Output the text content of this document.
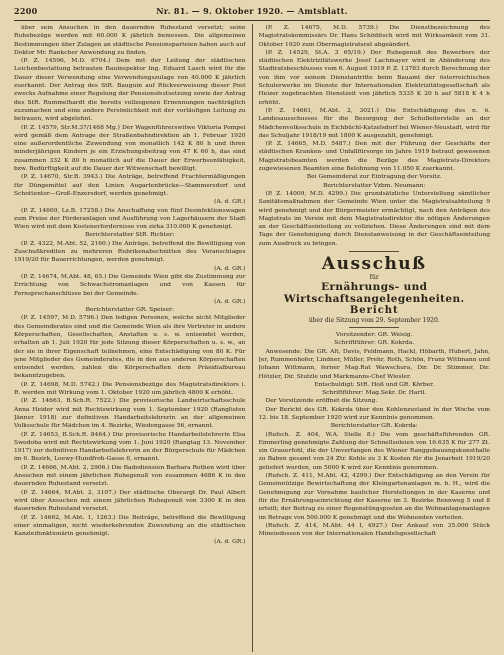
2200	Nr. 81. — 9. Oktober 1920. — Amtsblatt.

über sein Ansuchen in den dauernden Ruhestand versetzt; seine Ruhebezüge werden mit 60.000 K jährlich bemessen. Die allgemeinen Bestimmungen über Zulagen an städtische Pensionsparteien haben auch auf Doktor Mr. Rankcher Anwendung zu finden.

(P. Z. 14596, M.D. 6704.) Dem mit der Leitung der städtischen Leichenbestattung betrauten Bauinspektor Ing. Eduard Lasch wird für die Dauer dieser Verwendung eine Verwendungszulage von 40.000 K jährlich zuerkannt. Der Antrag des StR. Bauguin auf Rückverweisung dieser Post zwecks Aufnahme einer Regelung der Pensionsfestsetzung sowie der Antrag des StR. Rummelhardt die bereits vollzogenen Ernennungen nachträglich zuzumachen und eine andere Persönlichkeit mit der vorläufigen Leitung zu betrauen, wird abgelehnt.

(P. Z. 14579, Str.M.37/1468 Mg.) Der Wagenführerswitwe Viktoria Pompei wird gemäß dem Antrage der Straßenbahndirektion ab 1. Februar 1920 eine außerordentliche Zuwendung von monatlich 142 K 80 h und ihren minderjährigen Kindern je ein Erziehungsbeitrag von 47 K 60 h, das sind zusammen 332 K 80 h monatlich auf die Dauer der Erwerbsunfähigkeit, bzw. Bedürftigkeit auf die Dauer der Witwenschaft bewilligt.

(P. Z. 14670, Str.B. 3943.) Die Anträge, betreffend Frachtermäßigungen für Düngemittel auf den Linien Augartenbrücke—Stammersdorf und Schottentor—Groß-Enzersdorf, werden genehmigt.

(A. d. GR.)

(P. Z. 14669, Lz.B. 17258.) Die Anschaffung von fünf Desinfektionswagen zum Preise der Förderanlagen und Ausführung von Lagerhäusern der Stadt Wien wird mit dem Kostenerfordernisse von zirka 310.000 K genehmigt.

Berichterstatter StR. Richter:

(P. Z. 4322, M.Abt. 52, 2160.) Die Anträge, betreffend die Bewilligung von Zuschußkrediten zu mehreren Rubrikenabschnitten des Voranschlages 1919/20 für Bauerrichtungen, werden genehmigt.

(A. d. GR.)

(P. Z. 14674, M.Abt. 48, 65.) Die Gemeinde Wien gibt die Zustimmung zur Errichtung von Schwachstromanlagen und von Kassen für Fernsprechanschlüsse bei der Gemeinde.

(A. d. GR.)

Berichterstatter GR. Speiser:

(P. Z. 14597, M.D. 5796.) Den ledigen Personen, welche nicht Mitglieder des Gemeinderates sind und die Gemeinde Wien als ihre Vertreter in andere Körperschaften, Gesellschaften, Anstalten u. s. w. entsendet werden, erhalten ab 1. Juli 1920 für jede Sitzung dieser Körperschaften u. s. w., an der sie in ihrer Eigenschaft teilnehmen, eine Entschädigung von 80 K. Für jene Mitglieder des Gemeinderates, die in den aus anderen Körperschaften entsendet werden, zahlen die Körperschaften dem Präsidialbureau bekanntzugeben.

(P. Z. 14698, M.D. 5742.) Die Pensionsbezüge des Magistratsdirektors i. R. werden mit Wirkung vom 1. Oktober 1920 um jährlich 4800 K erhöht.

(P. Z. 14663, B.Sch.R. 7522.) Die provisorische Landwirtschaftsschule Anna Heider wird mit Rechtswirkung vom 1. September 1920 (Ranglisten Jänner 1918) zur definitiven Handarbeitslehrerin an der allgemeinen Volksschule für Mädchen im 4. Bezirke, Wiedengasse 56, ernannt.

(P. Z. 14653, B.Sch.R. 8464.) Die provisorische Handarbeitslehrerin Elsa Swodoba wird mit Rechtswirkung vom 1. Juni 1920 (Rangtag 13. November 1917) zur definitiven Handarbeitslehrerin an der Bürgerschule für Mädchen im 6. Bezirk, Loewy-Hundfroh-Gasse 6, ernannt.

(P. Z. 14666, M.Abt. 2, 2906.) Die Badediensien Barbara Rothen wird über Ansuchen mit einem jährlichen Ruhegenuß von zusammen 4686 K in den dauernden Ruhestand versetzt.

(P. Z. 14664, M.Abt. 2, 3107.) Der städtische Oberargt Dr. Paul Albert wird über Ansuchen mit einem jährlichen Ruhegenuß von 3300 K in den dauernden Ruhestand versetzt.

(P. Z. 14662, M.Abt. 1, 1263.) Die Beiträge, betreffend die Bewilligung einer einmaligen, nicht wiederkehrenden Zuwendung an die städtischen Kanzleifunktionärin genehmigt.

(A. d. GR.)

(P. Z. 14675, M.D. 5739.) Die Dienstbezeichnung des Magistratskommissärs Dr. Hans Schöditsch wird mit Wirksamkeit vom 31. Oktober 1920 zum Obermagistratsrat abgeändert.

(P. Z. 14529, St.A. 3 65/19.) Der Ruhegenuß des Bewerbers der städtischen Elektrizitätswerke Josef Lachmayer wird in Abänderung des Stadtratsbeschlusses vom 6. August 1919 P. Z. 13783 durch Berechnung der von ihm vor seinem Dienstantritte beim Bauamt der österreichischen Schulerwerke im Dienste der Internationalen Elektrizitätsgesellschaft als Heizer zugebrachten Dienstzeit von jährlich 5335 K 20 h auf 5818 K 4 h erhöht.

(P. Z. 14661, M.Abt. 2, 3021.) Die Entschädigung des n. ö. Landesausschusses für die Besorgung der Schulleiterstelle an der Mädchenvolksschule in Eichbüchl-Katzelsdorf bei Wiener-Neustadt, wird für das Schuljahr 1918/19 mit 1800 K ausgezahlt, genehmigt.

(P. Z. 14665, M.D. 5487.) Den mit der Führung der Geschäfte der städtischen Kranken- und Unfallfürsorge im Jahre 1919 betraut gewesenen Magistratsbeamten werden die Bezüge des Magistrats-Direktors zugewiesenen Beamten eine Belohnung von 11.050 K zuerkannt.

Bei Gemeinderat zur Eintragung der Vorsitz.

Berichterstatter Vzbm. Neumann:

(P. Z. 14009, M.D. 4299.) Die grundsätzliche Unterstellung sämtlicher Sanitätsmaßnahmen der Gemeinde Wien unter die Magistratsabteilung 9 wird genehmigt und der Bürgermeister ermächtigt, nach den Anträgen des Magistrats im Verein mit dem Magistratsdirektor die nötigen Änderungen an der Geschäftseinteilung zu vollziehen. Diese Änderungen sind mit dem Tage der Genehmigung durch Dienstanweisung in der Geschäftseinteilung zum Ausdruck zu bringen.

Ausschuß
für
Ernährungs- und Wirtschaftsangelegenheiten.
Bericht
über die Sitzung vom 29. September 1920.

Vorsitzender: GR. Weisig.

Schriftführer: GR. Kokrda.

Anwesende: Die GR. Alt, Davis, Feldmann, Hackl, Höbarth, Hubert, Jahn, Jer, Rummenhofer, Lindner, Müller, Prehr, Roth, Schön, Franz Wittmann und Johann Wittmann, ferner Mag.Rat Wawschura, Dir. Dr. Stimmer, Dir. Hötzler, Dir. Stutzle und Markmanns-Chef Wiesler.

Entschuldigt: StR. Hoß und GR. Körber.

Schriftführer: Mag.Sekr. Dr. Hartl.

Der Vorsitzende eröffnet die Sitzung.

Der Bericht des GR. Kokrda über den Kohlenzustand in der Woche vom 12. bis 18. September 1920 wird zur Kenntnis genommen.

Berichterstatter GR. Kokrda:

(Rufsch. Z. 404, W.A. Stelle 8.) Die vom geschäftsführenden GR. Emmerling genehmigte Zahlung der Schnellsoleien von 16.635 K für 277 Zt. ein Grauerfohl, die der Umverfangen des Wiener Ranggebauungskunsthalle zu Baben gesamt von 24 Ztr. Kohle zu 3 K Kosten für die Jenarbeit 1919/20 geliefert wurden, um 5000 K wird zur Kenntnis genommen.

(Rufsch. Z. 411, M.Abt. 42, 4299.) Der Entschädigung an den Verein für Gemeinnützige Bewirtschaftung der Kleingartenanlagen m. b. H., wird die Genehmigung zur Vornahme baulicher Herstellungen in der Kaserne und für die Ernährungseinrichtung der Kaserne im 3. Bezirke Rennweg 5 und 8 erteilt; der Beitrag zu einer Regenstüngsposten an die Wohnanlagenanlagen im Betrage von 500.000 K genehmigt und die Wohnenden verteilen.

(Rufsch. Z. 414, M.Abt. 44 I, 4927.) Der Ankauf von 35.000 Stück Mineiedossen von der Internationalen Handelsgesellschaft
